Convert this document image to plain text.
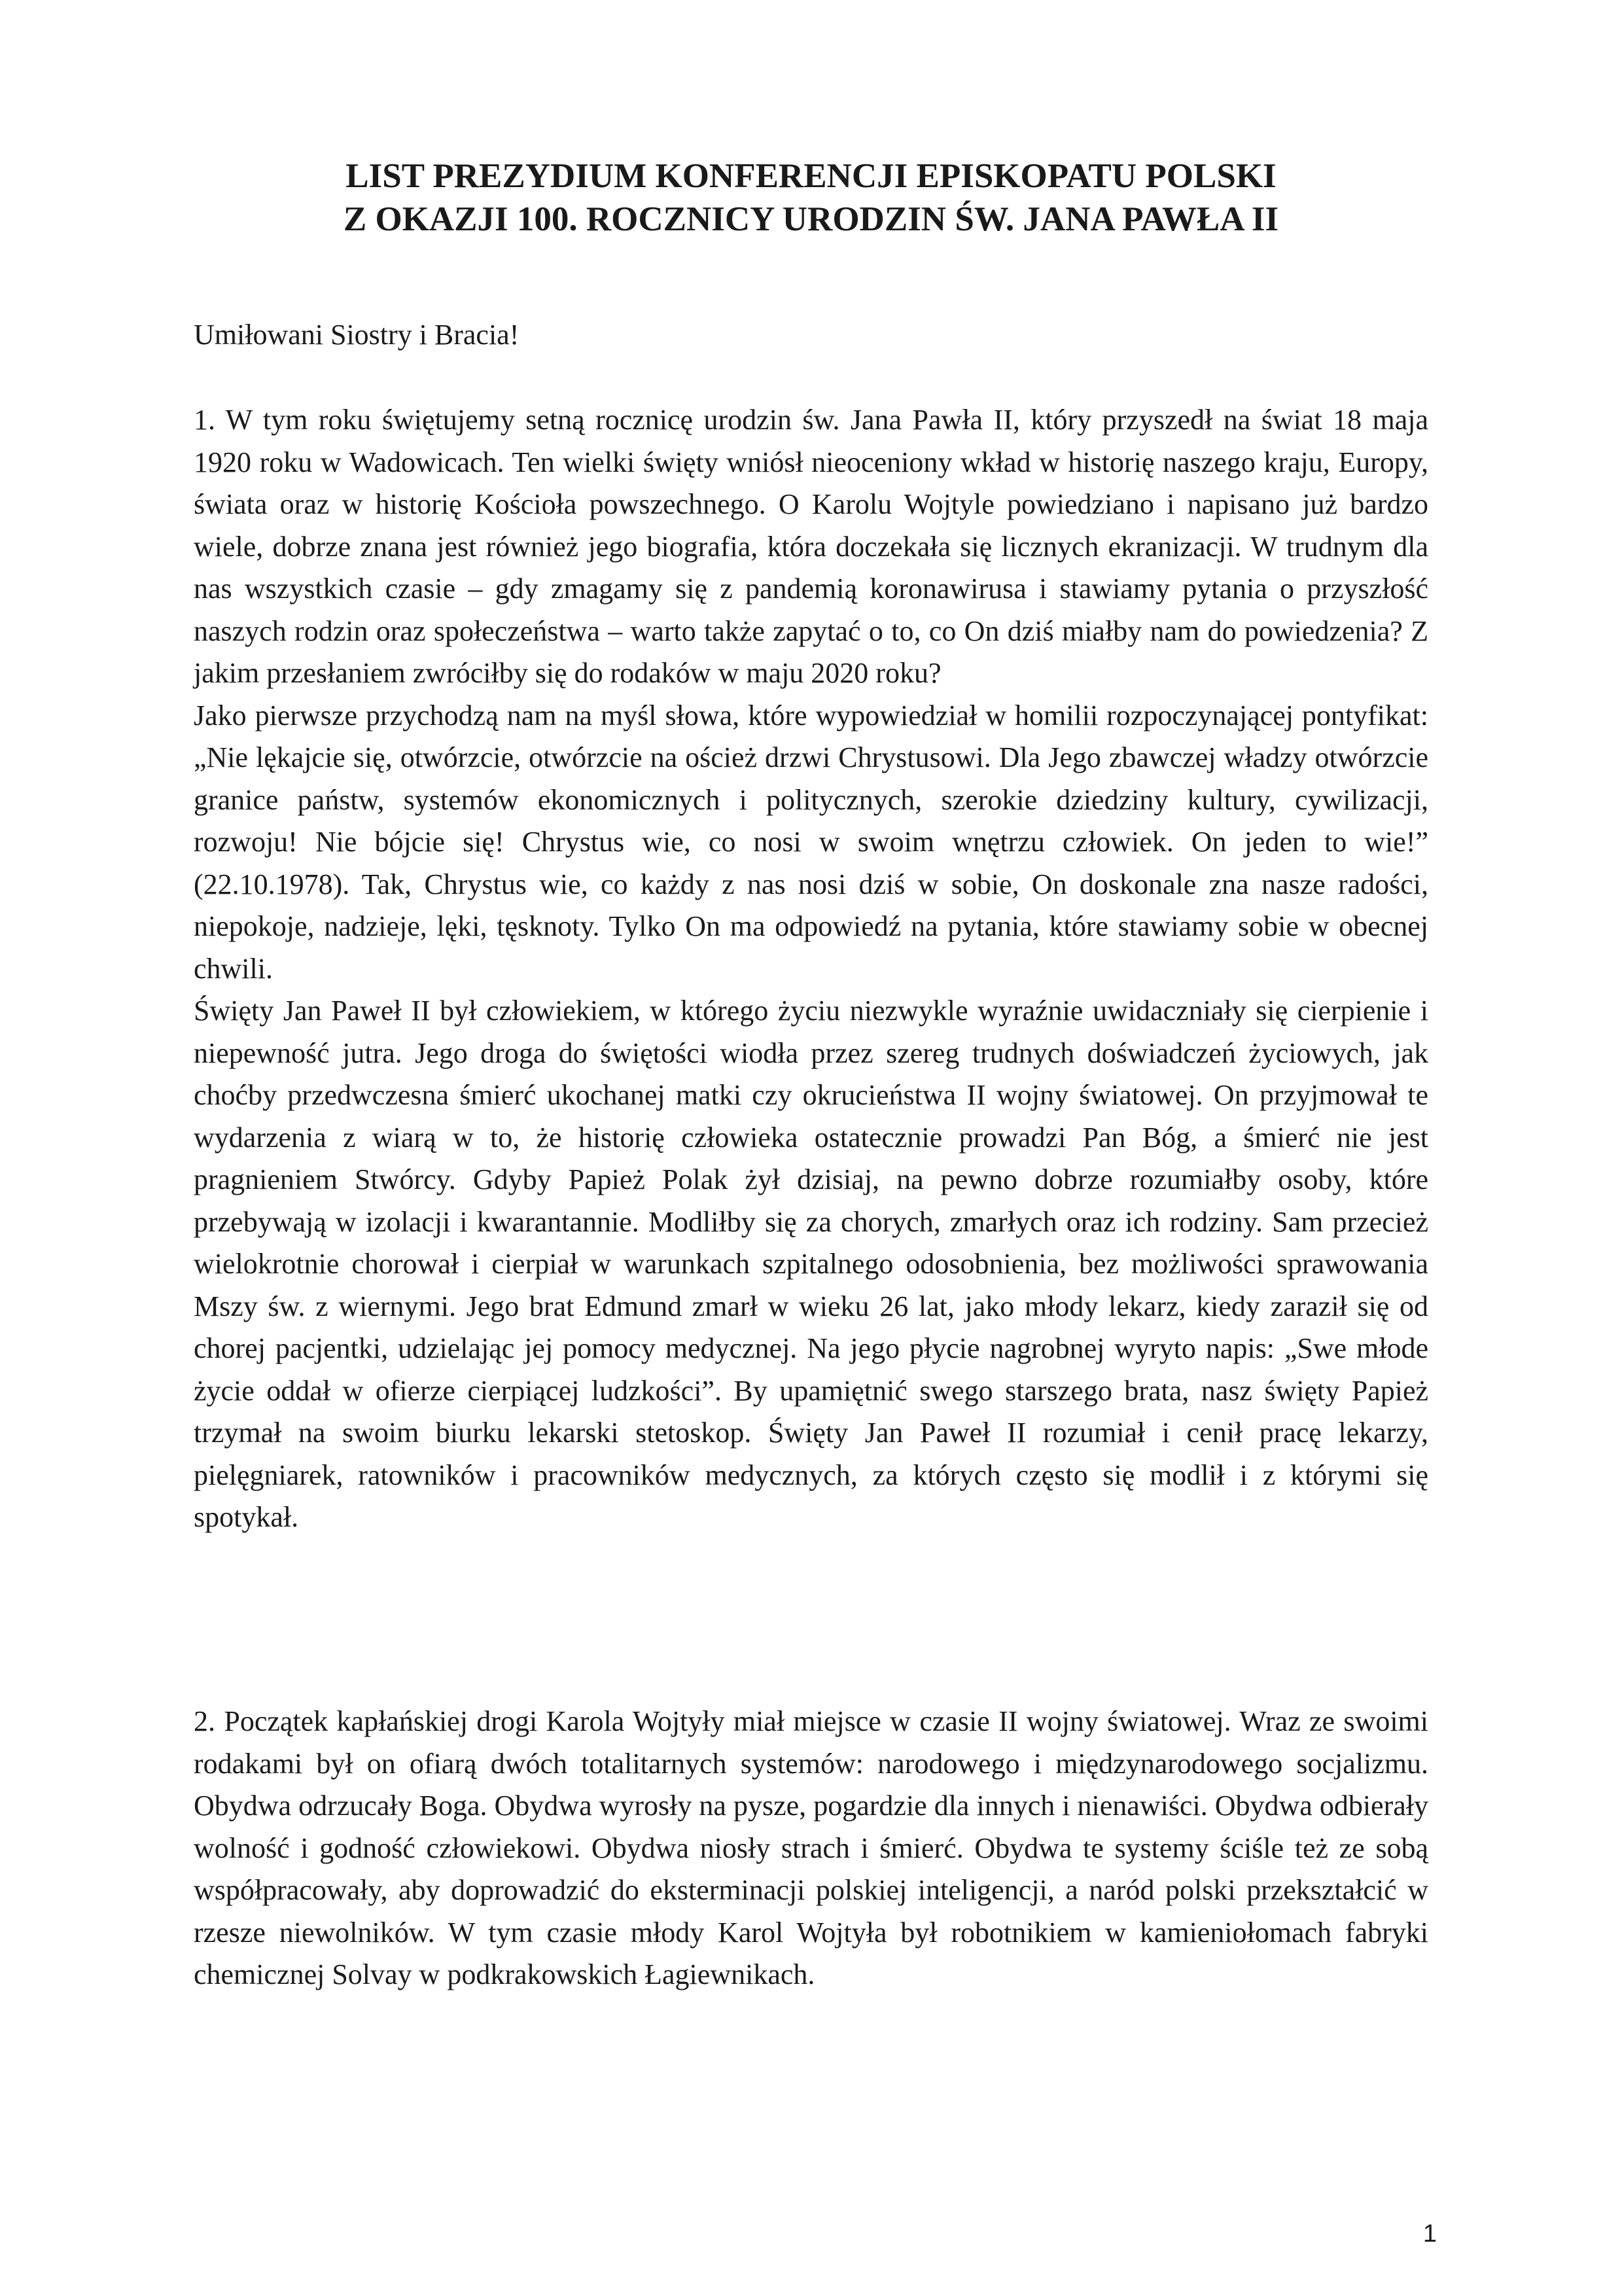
LIST PREZYDIUM KONFERENCJI EPISKOPATU POLSKI
Z OKAZJI 100. ROCZNICY URODZIN ŚW. JANA PAWŁA II
Umiłowani Siostry i Bracia!

1. W tym roku świętujemy setną rocznicę urodzin św. Jana Pawła II, który przyszedł na świat 18 maja 1920 roku w Wadowicach. Ten wielki święty wniósł nieoceniony wkład w historię naszego kraju, Europy, świata oraz w historię Kościoła powszechnego. O Karolu Wojtyle powiedziano i napisano już bardzo wiele, dobrze znana jest również jego biografia, która doczekała się licznych ekranizacji. W trudnym dla nas wszystkich czasie – gdy zmagamy się z pandemią koronawirusa i stawiamy pytania o przyszłość naszych rodzin oraz społeczeństwa – warto także zapytać o to, co On dziś miałby nam do powiedzenia? Z jakim przesłaniem zwróciłby się do rodaków w maju 2020 roku?

Jako pierwsze przychodzą nam na myśl słowa, które wypowiedział w homilii rozpoczynającej pontyfikat: „Nie lękajcie się, otwórzcie, otwórzcie na oścież drzwi Chrystusowi. Dla Jego zbawczej władzy otwórzcie granice państw, systemów ekonomicznych i politycznych, szerokie dziedziny kultury, cywilizacji, rozwoju! Nie bójcie się! Chrystus wie, co nosi w swoim wnętrzu człowiek. On jeden to wie!” (22.10.1978). Tak, Chrystus wie, co każdy z nas nosi dziś w sobie, On doskonale zna nasze radości, niepokoje, nadzieje, lęki, tęsknoty. Tylko On ma odpowiedź na pytania, które stawiamy sobie w obecnej chwili.

Święty Jan Paweł II był człowiekiem, w którego życiu niezwykle wyraźnie uwidaczniały się cierpienie i niepewność jutra. Jego droga do świętości wiodła przez szereg trudnych doświadczeń życiowych, jak choćby przedwczesna śmierć ukochanej matki czy okrucieństwa II wojny światowej. On przyjmował te wydarzenia z wiarą w to, że historię człowieka ostatecznie prowadzi Pan Bóg, a śmierć nie jest pragnieniem Stwórcy. Gdyby Papież Polak żył dzisiaj, na pewno dobrze rozumiałby osoby, które przebywają w izolacji i kwarantannie. Modliłby się za chorych, zmarłych oraz ich rodziny. Sam przecież wielokrotnie chorował i cierpiał w warunkach szpitalnego odosobnienia, bez możliwości sprawowania Mszy św. z wiernymi. Jego brat Edmund zmarł w wieku 26 lat, jako młody lekarz, kiedy zaraził się od chorej pacjentki, udzielając jej pomocy medycznej. Na jego płycie nagrobnej wyryto napis: „Swe młode życie oddał w ofierze cierpiącej ludzkości”. By upamiętnić swego starszego brata, nasz święty Papież trzymał na swoim biurku lekarski stetoskop. Święty Jan Paweł II rozumiał i cenił pracę lekarzy, pielęgniarek, ratowników i pracowników medycznych, za których często się modlił i z którymi się spotykał.

2. Początek kapłańskiej drogi Karola Wojtyły miał miejsce w czasie II wojny światowej. Wraz ze swoimi rodakami był on ofiarą dwóch totalitarnych systemów: narodowego i międzynarodowego socjalizmu. Obydwa odrzucały Boga. Obydwa wyrosły na pysze, pogardzie dla innych i nienawiści. Obydwa odbierały wolność i godność człowiekowi. Obydwa niosły strach i śmierć. Obydwa te systemy ściśle też ze sobą współpracowały, aby doprowadzić do eksterminacji polskiej inteligencji, a naród polski przekształcić w rzesze niewolników. W tym czasie młody Karol Wojtyła był robotnikiem w kamieniołomach fabryki chemicznej Solvay w podkrakowskich Łagiewnikach.

1
